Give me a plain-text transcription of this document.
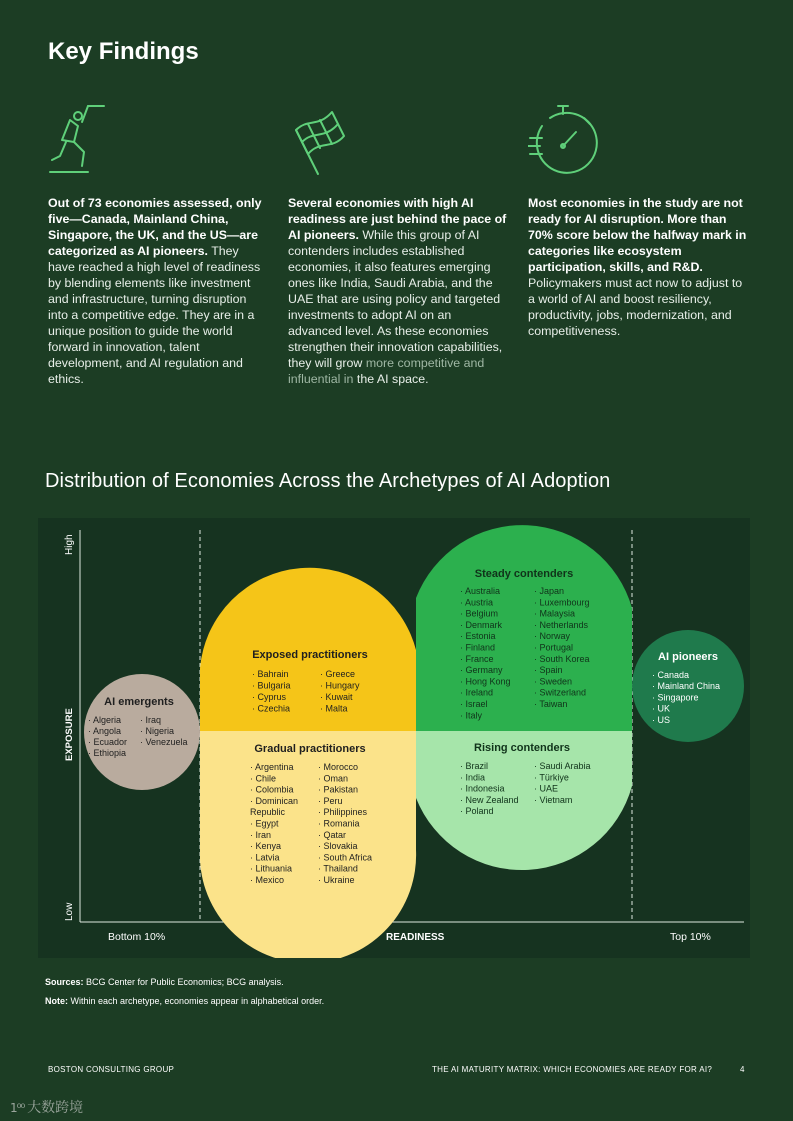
Key Findings
Out of 73 economies assessed, only five—Canada, Mainland China, Singapore, the UK, and the US—are categorized as AI pioneers. They have reached a high level of readiness by blending elements like investment and infrastructure, turning disruption into a competitive edge. They are in a unique position to guide the world forward in innovation, talent development, and AI regulation and ethics.
Several economies with high AI readiness are just behind the pace of AI pioneers. While this group of AI contenders includes established economies, it also features emerging ones like India, Saudi Arabia, and the UAE that are using policy and targeted investments to adopt AI on an advanced level. As these economies strengthen their innovation capabilities, they will grow more competitive and influential in the AI space.
Most economies in the study are not ready for AI disruption. More than 70% score below the halfway mark in categories like ecosystem participation, skills, and R&D. Policymakers must act now to adjust to a world of AI and boost resiliency, productivity, jobs, modernization, and competitiveness.
Distribution of Economies Across the Archetypes of AI Adoption
High
EXPOSURE
Low
Bottom 10%	READINESS	Top 10%
AI emergents
Exposed practitioners
Gradual practitioners
Steady contenders
Rising contenders
AI pioneers
· Algeria
· Angola
· Ecuador
· Ethiopia
· Iraq
· Nigeria
· Venezuela
· Bahrain
· Bulgaria
· Cyprus
· Czechia
· Greece
· Hungary
· Kuwait
· Malta
· Argentina
· Chile
· Colombia
· Dominican
Republic
· Egypt
· Iran
· Kenya
· Latvia
· Lithuania
· Mexico
· Morocco
· Oman
· Pakistan
· Peru
· Philippines
· Romania
· Qatar
· Slovakia
· South Africa
· Thailand
· Ukraine
· Australia
· Austria
· Belgium
· Denmark
· Estonia
· Finland
· France
· Germany
· Hong Kong
· Ireland
· Israel
· Italy
· Japan
· Luxembourg
· Malaysia
· Netherlands
· Norway
· Portugal
· South Korea
· Spain
· Sweden
· Switzerland
· Taiwan
· Brazil
· India
· Indonesia
· New Zealand
· Poland
· Saudi Arabia
· Türkiye
· UAE
· Vietnam
· Canada
· Mainland China
· Singapore
· UK
· US
Sources: BCG Center for Public Economics; BCG analysis.
Note: Within each archetype, economies appear in alphabetical order.
BOSTON CONSULTING GROUP	THE AI MATURITY MATRIX: WHICH ECONOMIES ARE READY FOR AI?	4
1⁰⁰ 大数跨境
